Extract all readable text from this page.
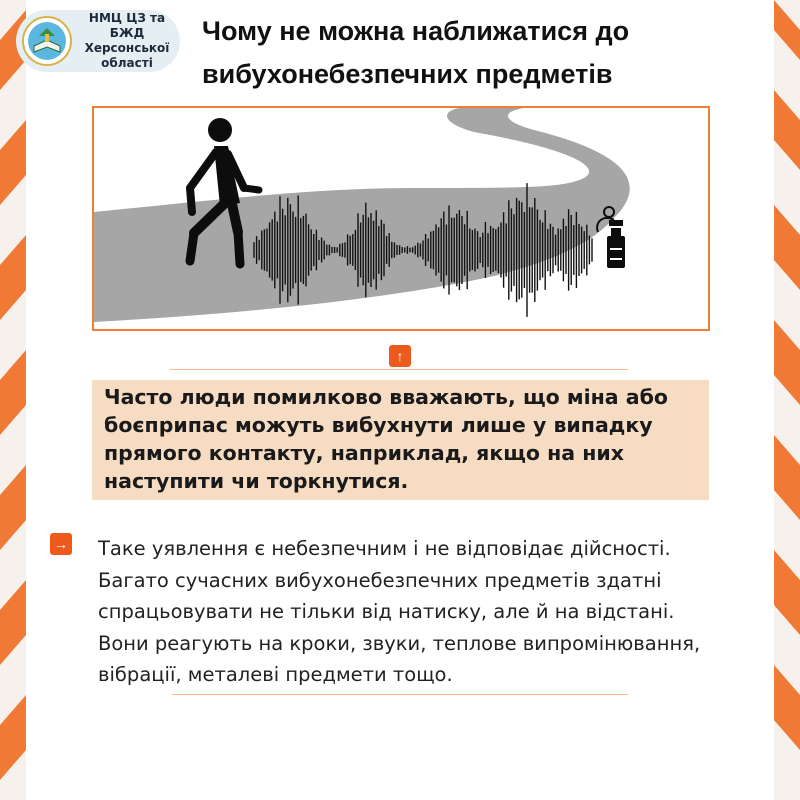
НМЦ ЦЗ та БЖД
Херсонської
області
Чому не можна наближатися до
вибухонебезпечних предметів
↑
Часто люди помилково вважають, що міна або
боєприпас можуть вибухнути лише у випадку
прямого контакту, наприклад, якщо на них
наступити чи торкнутися.
→ Таке уявлення є небезпечним і не відповідає дійсності.
Багато сучасних вибухонебезпечних предметів здатні
спрацьовувати не тільки від натиску, але й на відстані.
Вони реагують на кроки, звуки, теплове випромінювання,
вібрації, металеві предмети тощо.
